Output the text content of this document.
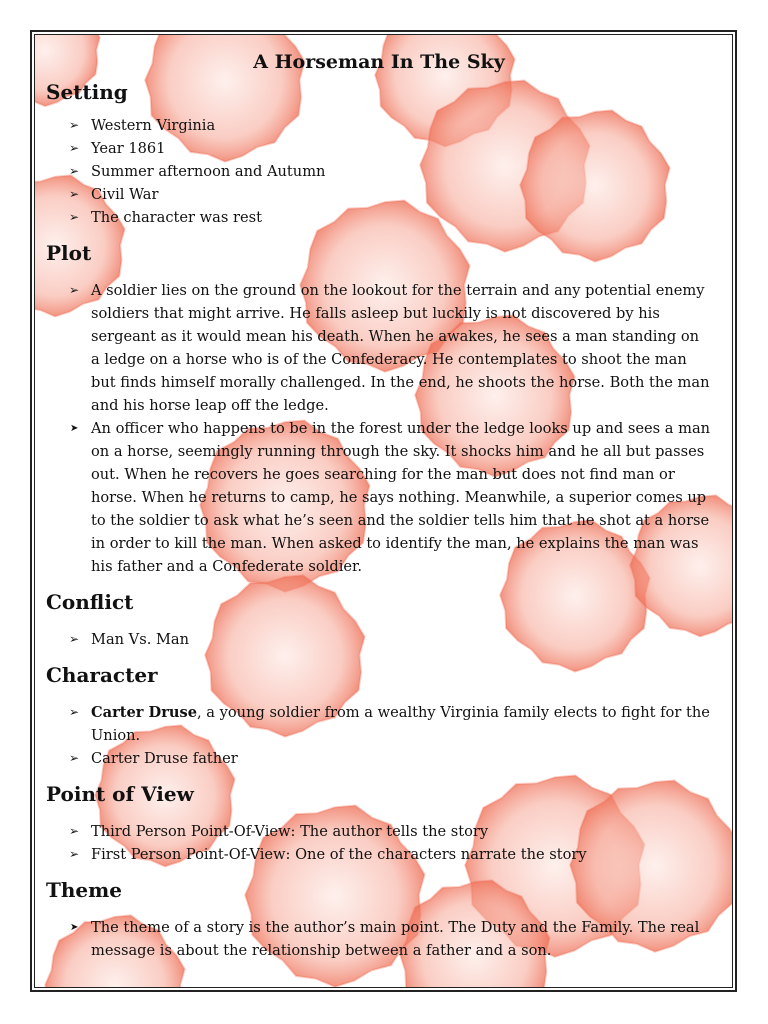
A Horseman In The Sky
Setting
➢ Western Virginia
➢ Year 1861
➢ Summer afternoon and Autumn
➢ Civil War
➢ The character was rest
Plot
➢ A soldier lies on the ground on the lookout for the terrain and any potential enemy soldiers that might arrive. He falls asleep but luckily is not discovered by his sergeant as it would mean his death. When he awakes, he sees a man standing on a ledge on a horse who is of the Confederacy. He contemplates to shoot the man but finds himself morally challenged. In the end, he shoots the horse. Both the man and his horse leap off the ledge.
➤ An officer who happens to be in the forest under the ledge looks up and sees a man on a horse, seemingly running through the sky. It shocks him and he all but passes out. When he recovers he goes searching for the man but does not find man or horse. When he returns to camp, he says nothing. Meanwhile, a superior comes up to the soldier to ask what he’s seen and the soldier tells him that he shot at a horse in order to kill the man. When asked to identify the man, he explains the man was his father and a Confederate soldier.
Conflict
➢ Man Vs. Man
Character
➢ Carter Druse, a young soldier from a wealthy Virginia family elects to fight for the Union.
➢ Carter Druse father
Point of View
➢ Third Person Point-Of-View: The author tells the story
➢ First Person Point-Of-View: One of the characters narrate the story
Theme
➤ The theme of a story is the author’s main point. The Duty and the Family. The real message is about the relationship between a father and a son.
